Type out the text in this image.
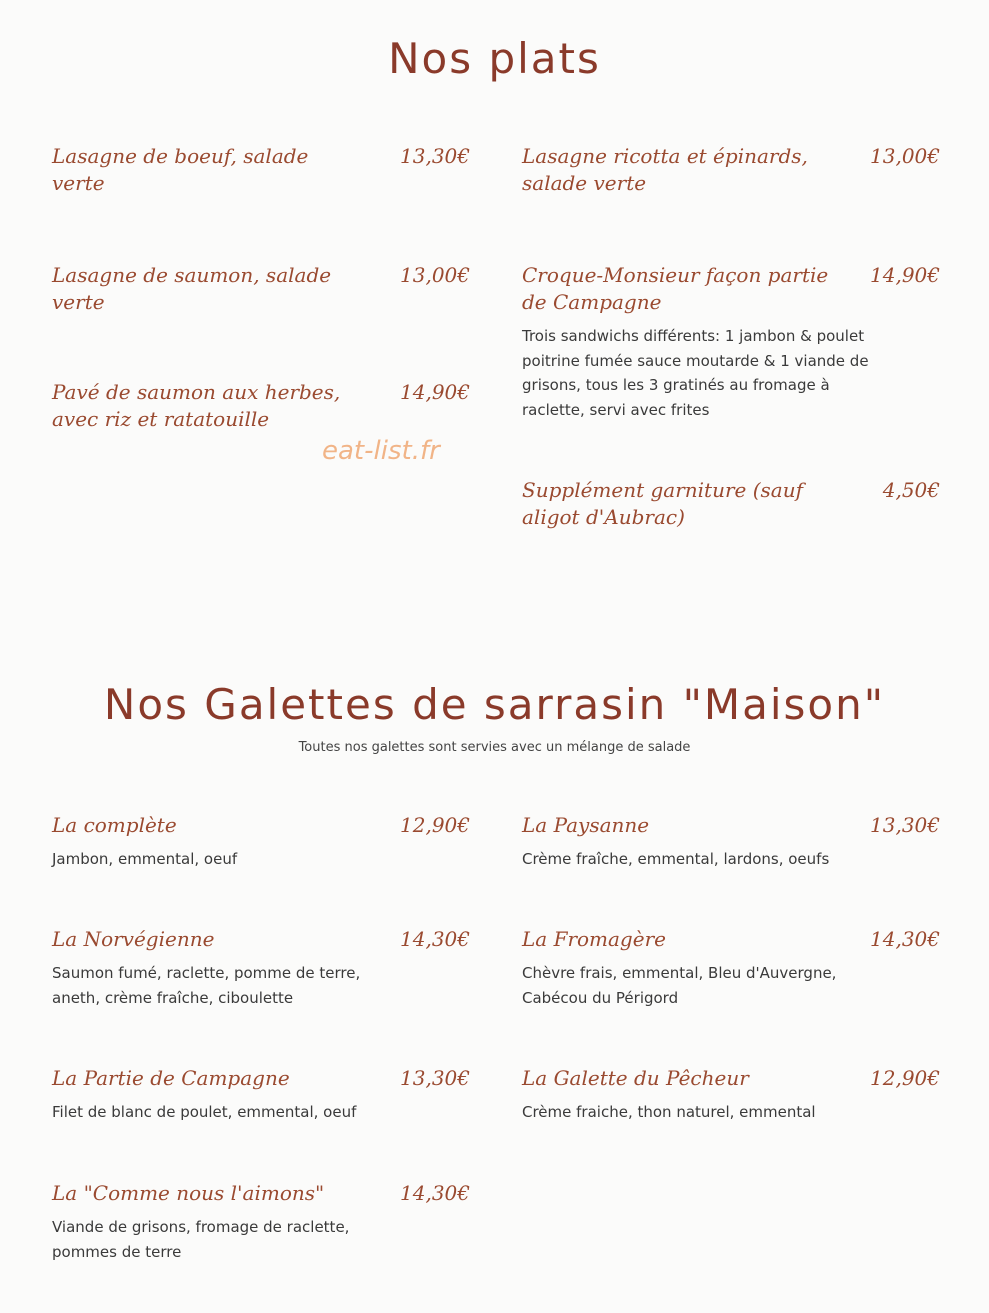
Nos plats
Lasagne de boeuf, salade verte
13,30€
Lasagne de saumon, salade verte
13,00€
Pavé de saumon aux herbes, avec riz et ratatouille
14,90€
eat-list.fr
Lasagne ricotta et épinards, salade verte
13,00€
Croque-Monsieur façon partie de Campagne
14,90€
Trois sandwichs différents: 1 jambon & poulet poitrine fumée sauce moutarde & 1 viande de grisons, tous les 3 gratinés au fromage à raclette, servi avec frites
Supplément garniture (sauf aligot d'Aubrac)
4,50€
Nos Galettes de sarrasin "Maison"
Toutes nos galettes sont servies avec un mélange de salade
La complète	12,90€
Jambon, emmental, oeuf
La Norvégienne	14,30€
Saumon fumé, raclette, pomme de terre, aneth, crème fraîche, ciboulette
La Partie de Campagne	13,30€
Filet de blanc de poulet, emmental, oeuf
La "Comme nous l'aimons"	14,30€
Viande de grisons, fromage de raclette, pommes de terre
La Paysanne	13,30€
Crème fraîche, emmental, lardons, oeufs
La Fromagère	14,30€
Chèvre frais, emmental, Bleu d'Auvergne, Cabécou du Périgord
La Galette du Pêcheur	12,90€
Crème fraiche, thon naturel, emmental
